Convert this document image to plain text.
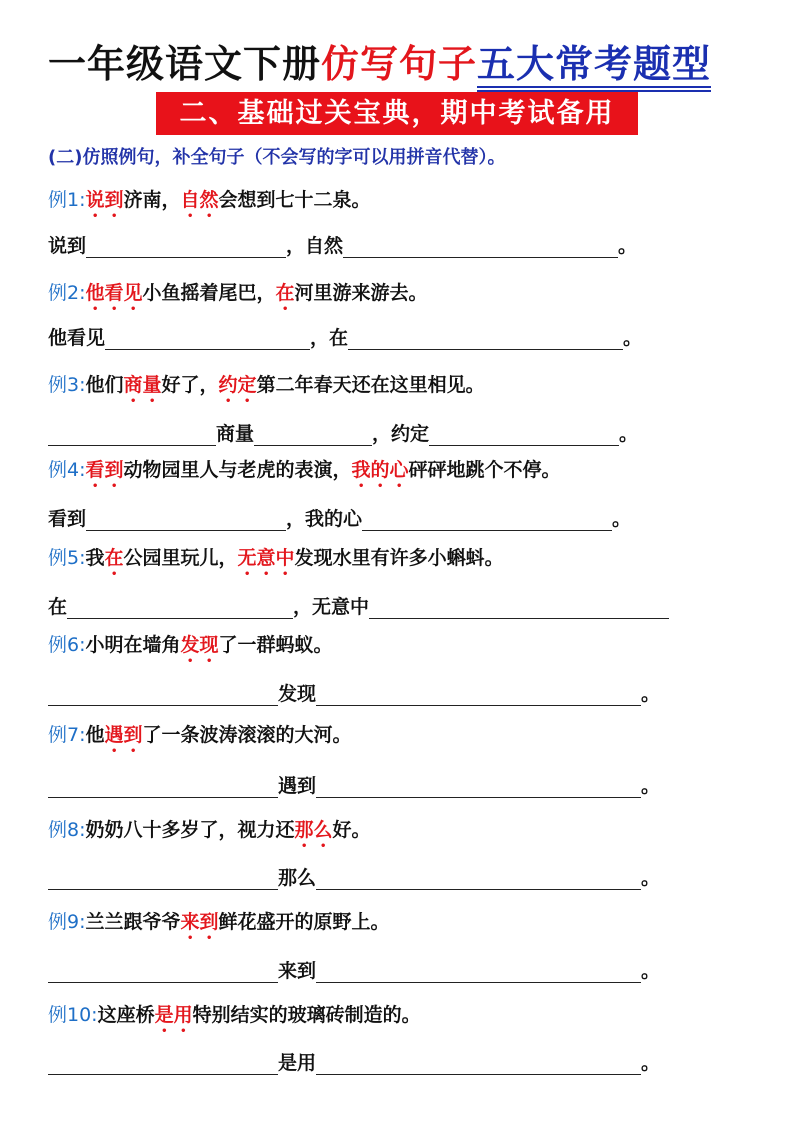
一年级语文下册仿写句子五大常考题型
二、基础过关宝典，期中考试备用
(二)仿照例句，补全句子（不会写的字可以用拼音代替）。
例1:说到济南，自然会想到七十二泉。
说到	，自然	。
例2:他看见小鱼摇着尾巴，在河里游来游去。
他看见	，在	。
例3:他们商量好了，约定第二年春天还在这里相见。
商量	，约定	。
例4:看到动物园里人与老虎的表演，我的心砰砰地跳个不停。
看到	，我的心	。
例5:我在公园里玩儿，无意中发现水里有许多小蝌蚪。
在	，无意中
例6:小明在墙角发现了一群蚂蚁。
发现	。
例7:他遇到了一条波涛滚滚的大河。
遇到	。
例8:奶奶八十多岁了，视力还那么好。
那么	。
例9:兰兰跟爷爷来到鲜花盛开的原野上。
来到	。
例10:这座桥是用特别结实的玻璃砖制造的。
是用	。
